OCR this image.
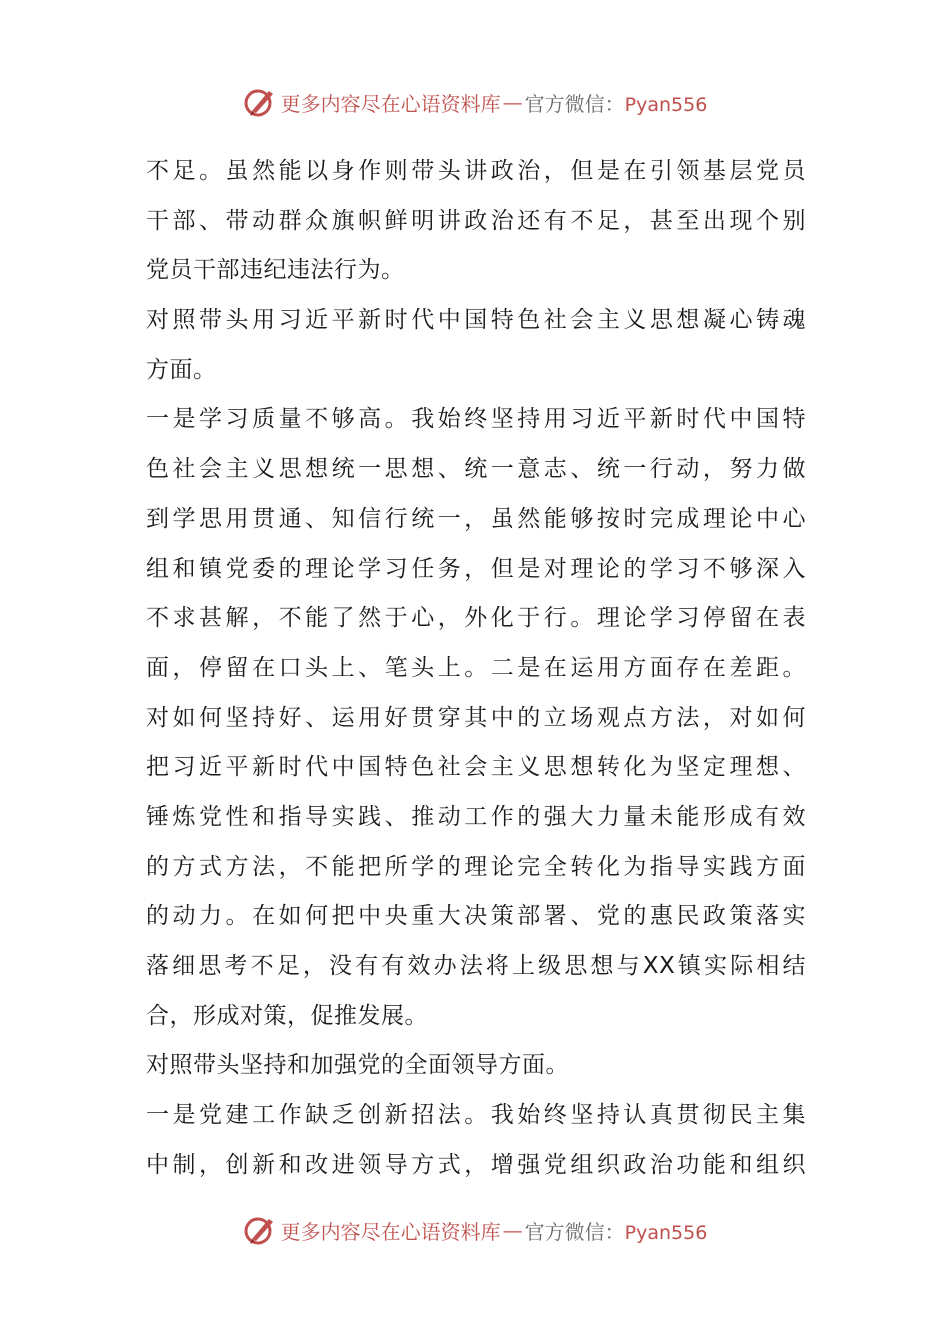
更多内容尽在心语资料库 — 官方微信：Pyan556
不足。虽然能以身作则带头讲政治，但是在引领基层党员
干部、带动群众旗帜鲜明讲政治还有不足，甚至出现个别
党员干部违纪违法行为。
对照带头用习近平新时代中国特色社会主义思想凝心铸魂
方面。
一是学习质量不够高。我始终坚持用习近平新时代中国特
色社会主义思想统一思想、统一意志、统一行动，努力做
到学思用贯通、知信行统一，虽然能够按时完成理论中心
组和镇党委的理论学习任务，但是对理论的学习不够深入
不求甚解，不能了然于心，外化于行。理论学习停留在表
面，停留在口头上、笔头上。二是在运用方面存在差距。
对如何坚持好、运用好贯穿其中的立场观点方法，对如何
把习近平新时代中国特色社会主义思想转化为坚定理想、
锤炼党性和指导实践、推动工作的强大力量未能形成有效
的方式方法，不能把所学的理论完全转化为指导实践方面
的动力。在如何把中央重大决策部署、党的惠民政策落实
落细思考不足，没有有效办法将上级思想与XX镇实际相结
合，形成对策，促推发展。
对照带头坚持和加强党的全面领导方面。
一是党建工作缺乏创新招法。我始终坚持认真贯彻民主集
中制，创新和改进领导方式，增强党组织政治功能和组织
更多内容尽在心语资料库 — 官方微信：Pyan556
